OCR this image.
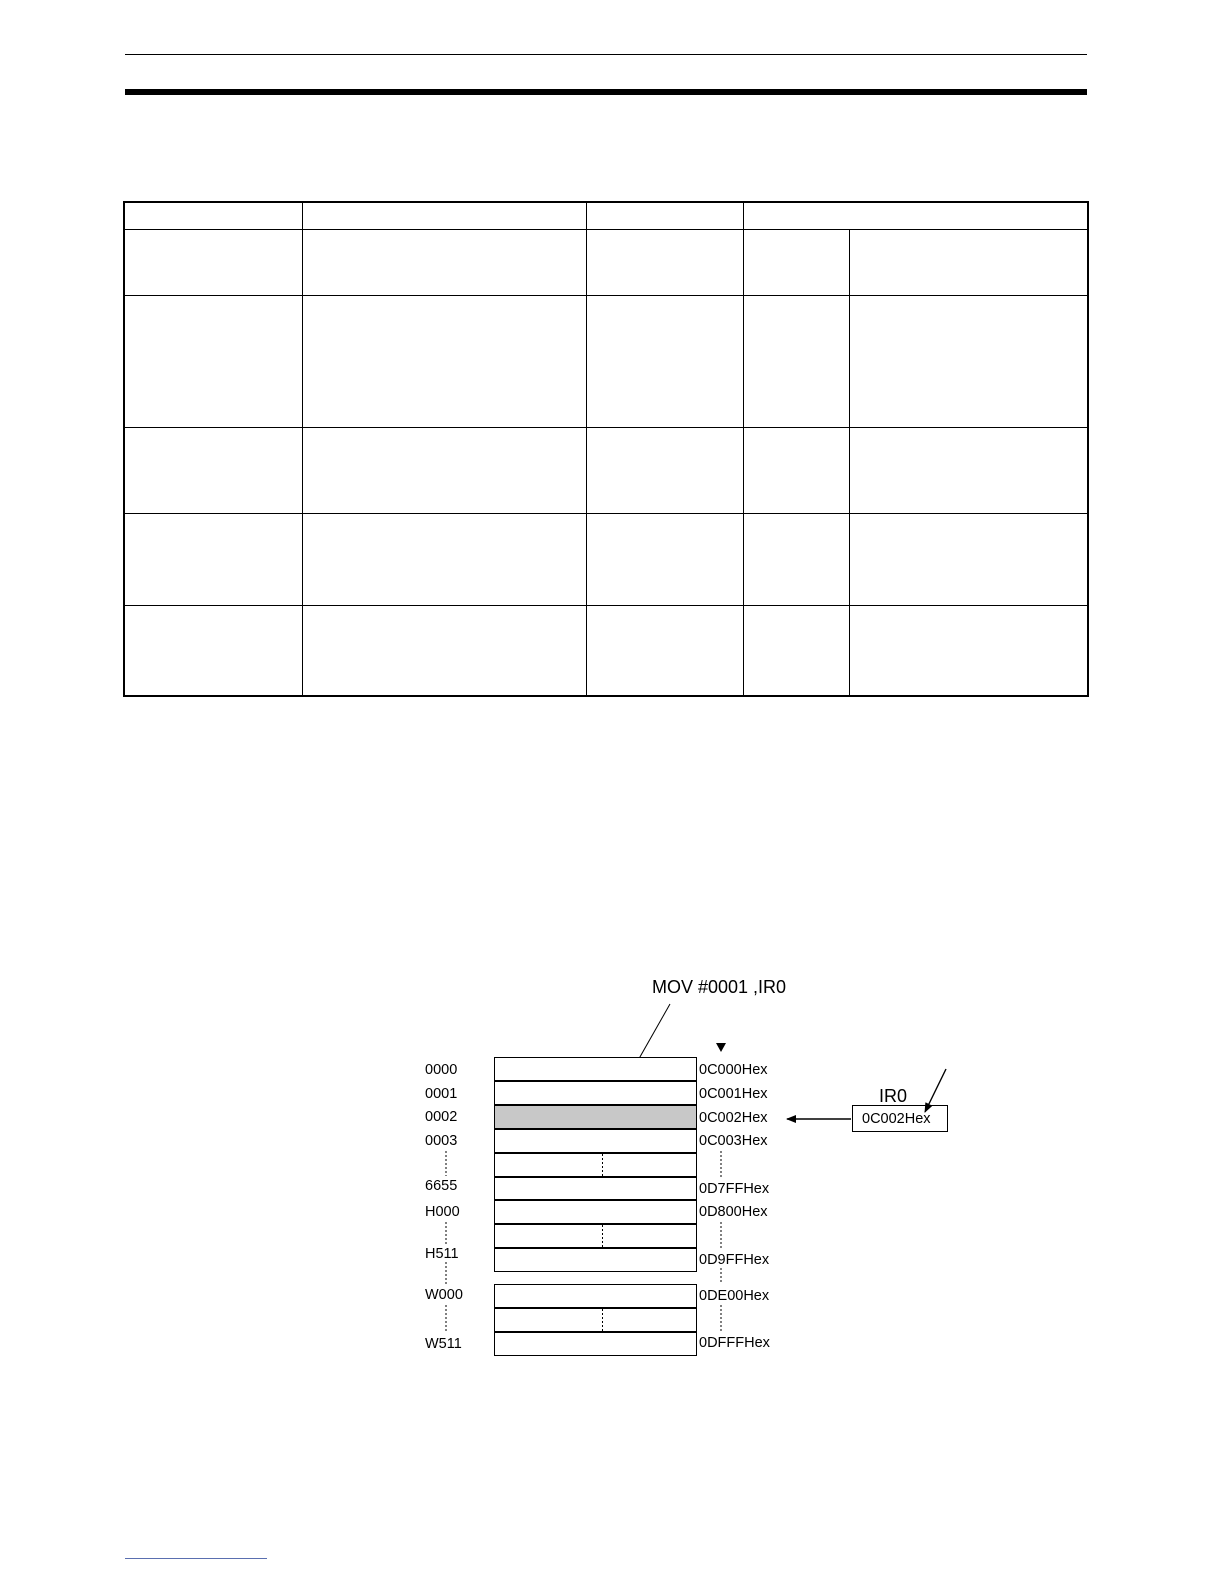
MOV #0001 ,IR0
0000
0001
0002
0003
6655
H000
H511
W000
W511
0C000Hex
0C001Hex
0C002Hex
0C003Hex
0D7FFHex
0D800Hex
0D9FFHex
0DE00Hex
0DFFFHex
IR0
0C002Hex
